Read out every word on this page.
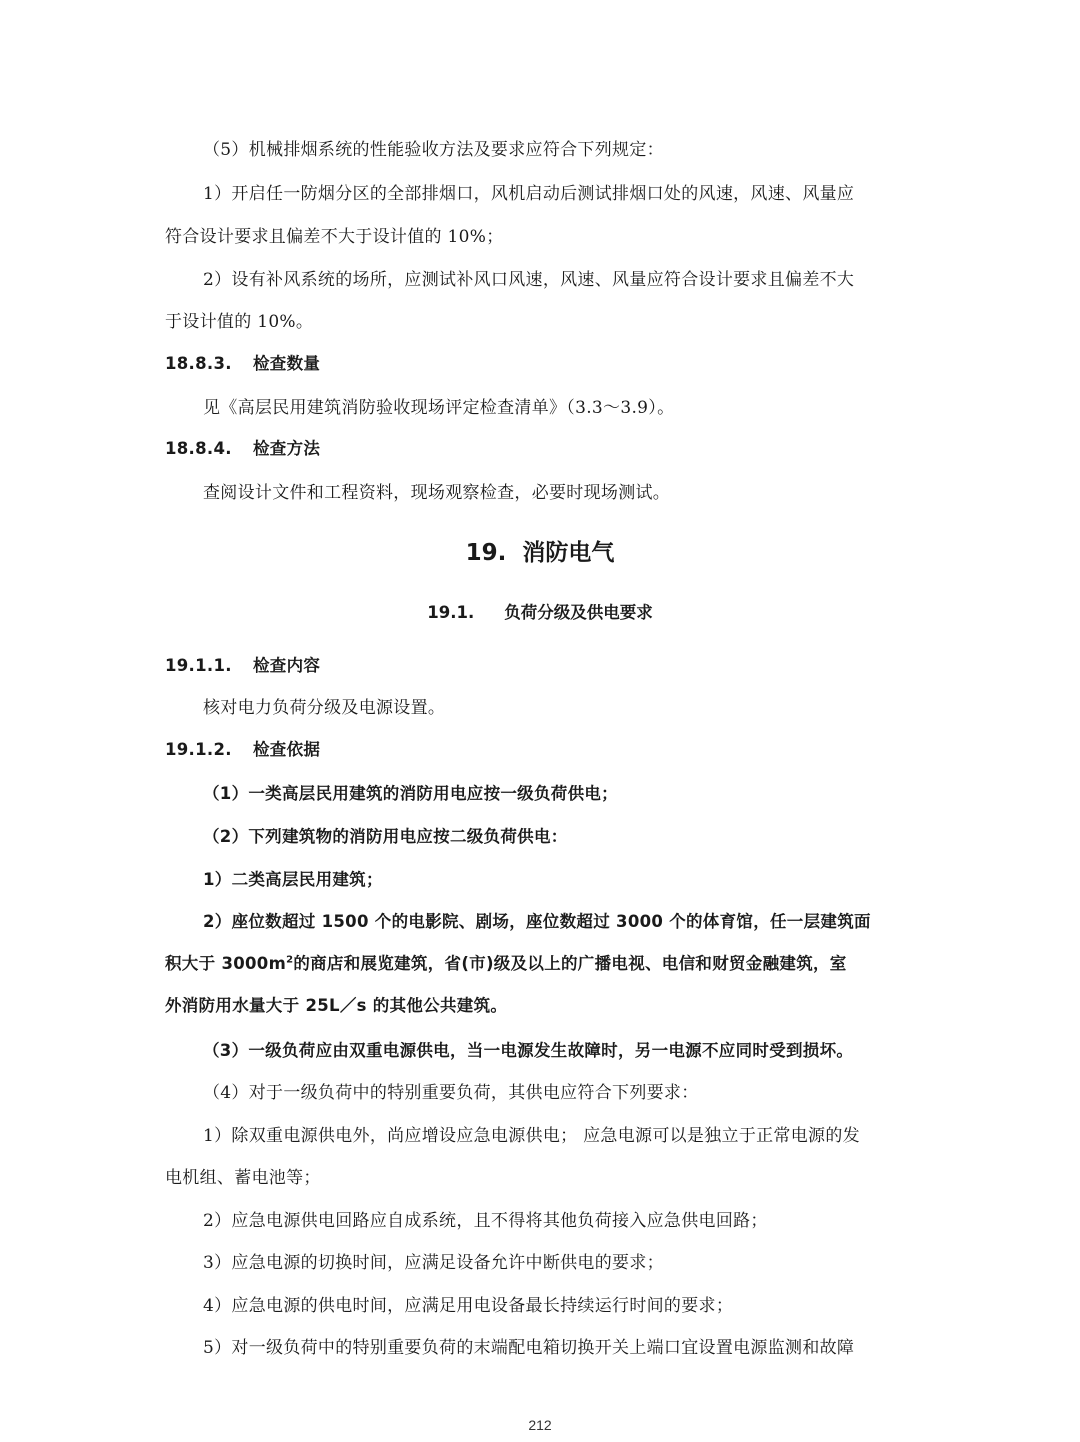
（5）机械排烟系统的性能验收方法及要求应符合下列规定：
1）开启任一防烟分区的全部排烟口，风机启动后测试排烟口处的风速，风速、风量应
符合设计要求且偏差不大于设计值的 10%；
2）设有补风系统的场所，应测试补风口风速，风速、风量应符合设计要求且偏差不大
于设计值的 10%。
18.8.3. 检查数量
见《高层民用建筑消防验收现场评定检查清单》（3.3～3.9）。
18.8.4. 检查方法
查阅设计文件和工程资料，现场观察检查，必要时现场测试。
19. 消防电气
19.1. 负荷分级及供电要求
19.1.1. 检查内容
核对电力负荷分级及电源设置。
19.1.2. 检查依据
（1）一类高层民用建筑的消防用电应按一级负荷供电；
（2）下列建筑物的消防用电应按二级负荷供电：
1）二类高层民用建筑；
2）座位数超过 1500 个的电影院、剧场，座位数超过 3000 个的体育馆，任一层建筑面
积大于 $3000m^2$的商店和展览建筑，省(市)级及以上的广播电视、电信和财贸金融建筑，室
外消防用水量大于 25L／s 的其他公共建筑。
（3）一级负荷应由双重电源供电，当一电源发生故障时，另一电源不应同时受到损坏。
（4）对于一级负荷中的特别重要负荷，其供电应符合下列要求：
1）除双重电源供电外，尚应增设应急电源供电； 应急电源可以是独立于正常电源的发
电机组、蓄电池等；
2）应急电源供电回路应自成系统，且不得将其他负荷接入应急供电回路；
3）应急电源的切换时间，应满足设备允许中断供电的要求；
4）应急电源的供电时间，应满足用电设备最长持续运行时间的要求；
5）对一级负荷中的特别重要负荷的末端配电箱切换开关上端口宜设置电源监测和故障
212
